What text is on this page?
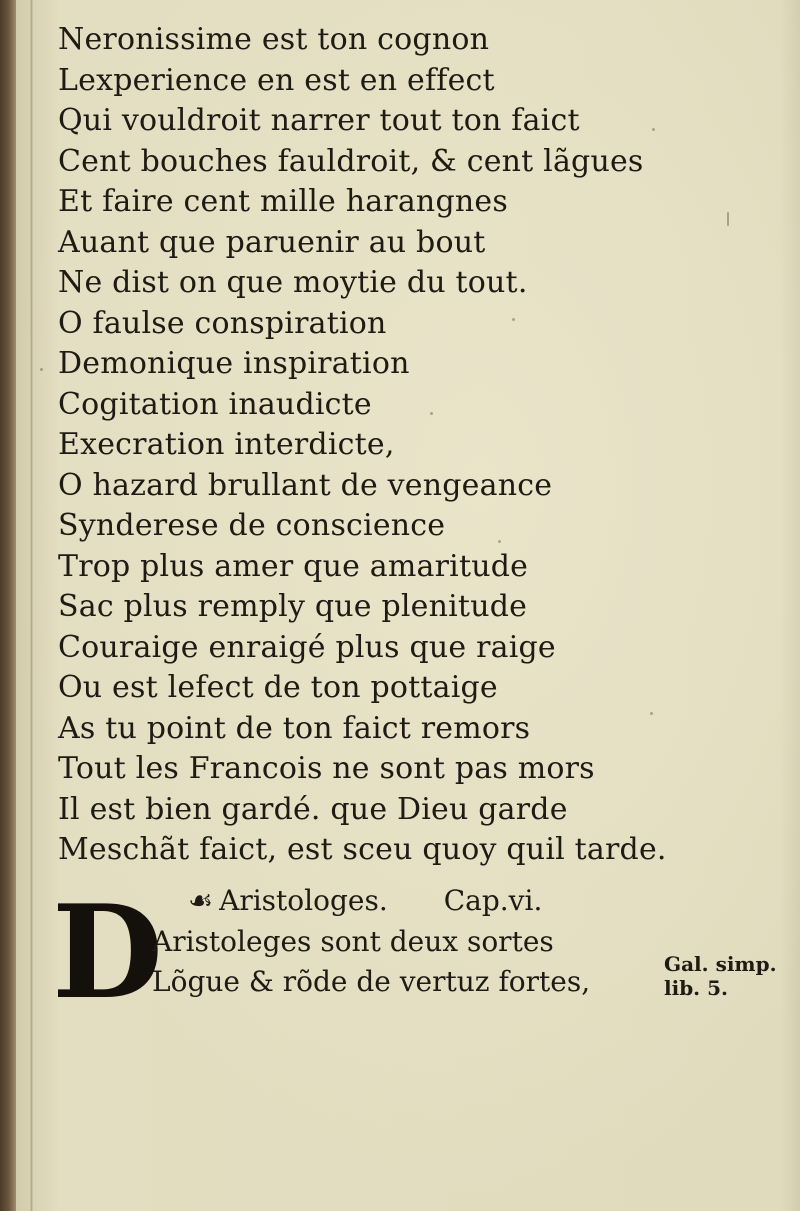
Neronissime est ton cognon
Lexperience en est en effect
Qui vouldroit narrer tout ton faict
Cent bouches fauldroit, & cent lãgues
Et faire cent mille harangnes
Auant que paruenir au bout
Ne dist on que moytie du tout.
O faulse conspiration
Demonique inspiration
Cogitation inaudicte
Execration interdicte,
O hazard brullant de vengeance
Synderese de conscience
Trop plus amer que amaritude
Sac plus remply que plenitude
Couraige enraigé plus que raige
Ou est lefect de ton pottaige
As tu point de ton faict remors
Tout les Francois ne sont pas mors
Il est bien gardé. que Dieu garde
Meschãt faict, est sceu quoy quil tarde.
☙ Aristologes. Cap.vi.
D
Aristoleges sont deux sortes
Lõgue & rõde de vertuz fortes,
Gal. simp.
lib. 5.
